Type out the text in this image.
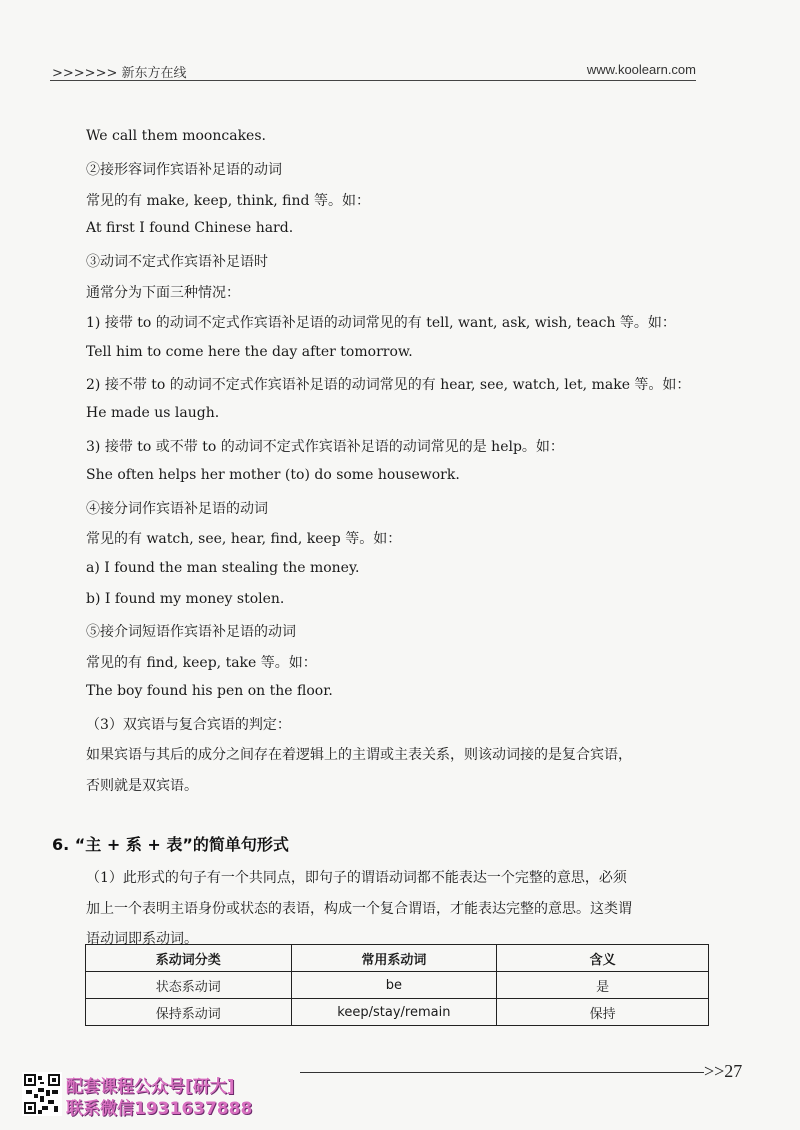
>>>>>> 新东方在线	www.koolearn.com
We call them mooncakes.
②接形容词作宾语补足语的动词
常见的有 make, keep, think, find 等。如：
At first I found Chinese hard.
③动词不定式作宾语补足语时
通常分为下面三种情况：
1) 接带 to 的动词不定式作宾语补足语的动词常见的有 tell, want, ask, wish, teach 等。如：
Tell him to come here the day after tomorrow.
2) 接不带 to 的动词不定式作宾语补足语的动词常见的有 hear, see, watch, let, make 等。如：
He made us laugh.
3) 接带 to 或不带 to 的动词不定式作宾语补足语的动词常见的是 help。如：
She often helps her mother (to) do some housework.
④接分词作宾语补足语的动词
常见的有 watch, see, hear, find, keep 等。如：
a) I found the man stealing the money.
b) I found my money stolen.
⑤接介词短语作宾语补足语的动词
常见的有 find, keep, take 等。如：
The boy found his pen on the floor.
（3）双宾语与复合宾语的判定：
如果宾语与其后的成分之间存在着逻辑上的主谓或主表关系，则该动词接的是复合宾语，
否则就是双宾语。
6. “主 + 系 + 表”的简单句形式
（1）此形式的句子有一个共同点，即句子的谓语动词都不能表达一个完整的意思，必须
加上一个表明主语身份或状态的表语，构成一个复合谓语，才能表达完整的意思。这类谓
语动词即系动词。
系动词分类	常用系动词	含义
状态系动词	be	是
保持系动词	keep/stay/remain	保持
>>27
配套课程公众号[研大]
联系微信1931637888
